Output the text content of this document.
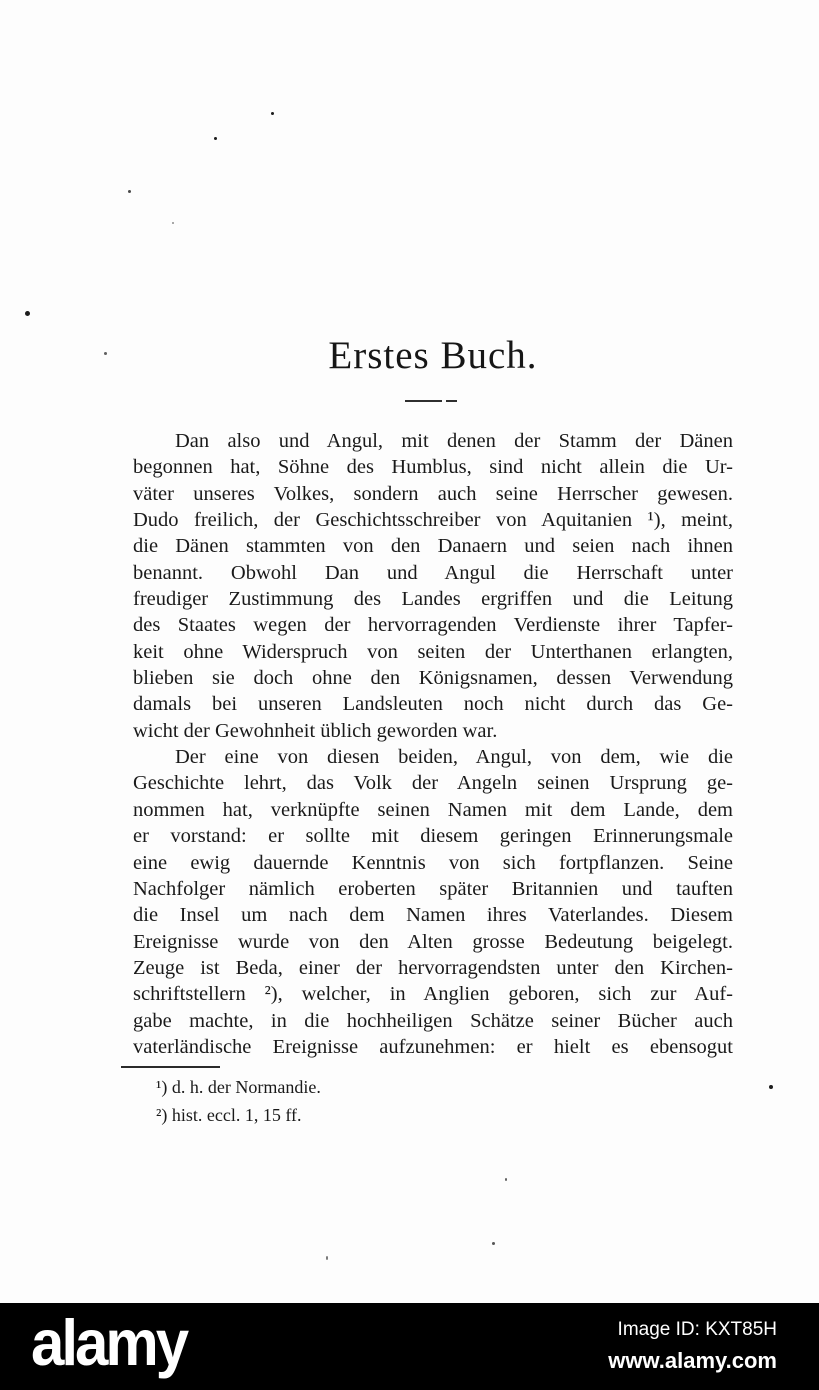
Erstes Buch.
Dan also und Angul, mit denen der Stamm der Dänen
begonnen hat, Söhne des Humblus, sind nicht allein die Ur-
väter unseres Volkes, sondern auch seine Herrscher gewesen.
Dudo freilich, der Geschichtsschreiber von Aquitanien ¹), meint,
die Dänen stammten von den Danaern und seien nach ihnen
benannt. Obwohl Dan und Angul die Herrschaft unter
freudiger Zustimmung des Landes ergriffen und die Leitung
des Staates wegen der hervorragenden Verdienste ihrer Tapfer-
keit ohne Widerspruch von seiten der Unterthanen erlangten,
blieben sie doch ohne den Königsnamen, dessen Verwendung
damals bei unseren Landsleuten noch nicht durch das Ge-
wicht der Gewohnheit üblich geworden war.
Der eine von diesen beiden, Angul, von dem, wie die
Geschichte lehrt, das Volk der Angeln seinen Ursprung ge-
nommen hat, verknüpfte seinen Namen mit dem Lande, dem
er vorstand: er sollte mit diesem geringen Erinnerungsmale
eine ewig dauernde Kenntnis von sich fortpflanzen. Seine
Nachfolger nämlich eroberten später Britannien und tauften
die Insel um nach dem Namen ihres Vaterlandes. Diesem
Ereignisse wurde von den Alten grosse Bedeutung beigelegt.
Zeuge ist Beda, einer der hervorragendsten unter den Kirchen-
schriftstellern ²), welcher, in Anglien geboren, sich zur Auf-
gabe machte, in die hochheiligen Schätze seiner Bücher auch
vaterländische Ereignisse aufzunehmen: er hielt es ebensogut
¹) d. h. der Normandie.
²) hist. eccl. 1, 15 ff.
alamy	Image ID: KXT85H
www.alamy.com
